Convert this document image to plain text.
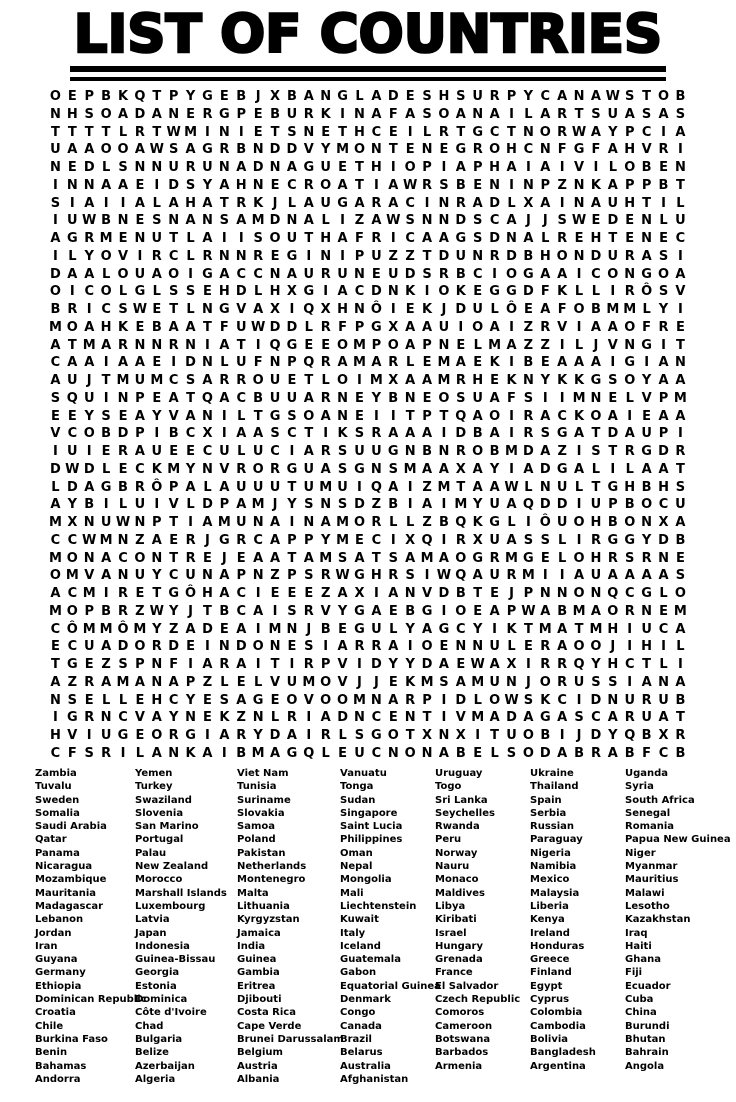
LIST OF COUNTRIES
O E P B K Q T P Y G E B J X B A N G L A D E S H S U R P Y C A N A W S T O B
N H S O A D A N E R G P E B U R K I N A F A S O A N A I L A R T S U A S A S
T T T T L R T W M I N I E T S N E T H C E I L R T G C T N O R W A Y P C I A
U A A O O A W S A G R B N D D V Y M O N T E N E G R O H C N F G F A H V R I
N E D L S N N U R U N A D N A G U E T H I O P I A P H A I A I V I L O B E N
I N N A A E I D S Y A H N E C R O A T I A W R S B E N I N P Z N K A P P B T
S I A I I A L A H A T R K J L A U G A R A C I N R A D L X A I N A U H T I L
I U W B N E S N A N S A M D N A L I Z A W S N N D S C A J J S W E D E N L U
A G R M E N U T L A I I S O U T H A F R I C A A G S D N A L R E H T E N E C
I L Y O V I R C L R N N R E G I N I P U Z Z T D U N R D B H O N D U R A S I
D A A L O U A O I G A C C N A U R U N E U D S R B C I O G A A I C O N G O A
O I C O L G L S S E H D L H X G I A C D N K I O K E G G D F K L L I R Ô S V
B R I C S W E T L N G V A X I Q X H N Ô I E K J D U L Ô E A F O B M M L Y I
M O A H K E B A A T F U W D D L R F P G X A A U I O A I Z R V I A A O F R E
A T M A R N N R N I A T I Q G E E O M P O A P N E L M A Z Z I L J V N G I T
C A A I A A E I D N L U F N P Q R A M A R L E M A E K I B E A A A I G I A N
A U J T M U M C S A R R O U E T L O I M X A A M R H E K N Y K K G S O Y A A
S Q U I N P E A T Q A C B U U A R N E Y B N E O S U A F S I I M N E L V P M
E E Y S E A Y V A N I L T G S O A N E I I T P T Q A O I R A C K O A I E A A
V C O B D P I B C X I A A S C T I K S R A A A I D B A I R S G A T D A U P I
I U I E R A U E E C U L U C I A R S U U G N B N R O B M D A Z I S T R G D R
D W D L E C K M Y N V R O R G U A S G N S M A A X A Y I A D G A L I L A A T
L D A G B R Ô P A L A U U U T U M U I Q A I Z M T A A W L N U L T G H B H S
A Y B I L U I V L D P A M J Y S N S D Z B I A I M Y U A Q D D I U P B O C U
M X N U W N P T I A M U N A I N A M O R L L Z B Q K G L I Ô U O H B O N X A
C C W M N Z A E R J G R C A P P Y M E C I X Q I R X U A S S L I R G G Y D B
M O N A C O N T R E J E A A T A M S A T S A M A O G R M G E L O H R S R N E
O M V A N U Y C U N A P N Z P S R W G H R S I W Q A U R M I I A U A A A A S
A C M I R E T G Ô H A C I E E E Z A X I A N V D B T E J P N N O N Q C G L O
M O P B R Z W Y J T B C A I S R V Y G A E B G I O E A P W A B M A O R N E M
C Ô M M Ô M Y Z A D E A I M N J B E G U L Y A G C Y I K T M A T M H I U C A
E C U A D O R D E I N D O N E S I A R R A I O E N N U L E R A O O J I H I L
T G E Z S P N F I A R A I T I R P V I D Y Y D A E W A X I R R Q Y H C T L I
A Z R A M A N A P Z L E L V U M O V J J E K M S A M U N J O R U S S I A N A
N S E L L E H C Y E S A G E O V O O M N A R P I D L O W S K C I D N U R U B
I G R N C V A Y N E K Z N L R I A D N C E N T I V M A D A G A S C A R U A T
H V I U G E O R G I A R Y D A I R L S G O T X N X I T U O B I J D Y Q B X R
C F S R I L A N K A I B M A G Q L E U C N O N A B E L S O D A B R A B F C B
Zambia
Tuvalu
Sweden
Somalia
Saudi Arabia
Qatar
Panama
Nicaragua
Mozambique
Mauritania
Madagascar
Lebanon
Jordan
Iran
Guyana
Germany
Ethiopia
Dominican Republic
Croatia
Chile
Burkina Faso
Benin
Bahamas
Andorra
Yemen
Turkey
Swaziland
Slovenia
San Marino
Portugal
Palau
New Zealand
Morocco
Marshall Islands
Luxembourg
Latvia
Japan
Indonesia
Guinea-Bissau
Georgia
Estonia
Dominica
Côte d'Ivoire
Chad
Bulgaria
Belize
Azerbaijan
Algeria
Viet Nam
Tunisia
Suriname
Slovakia
Samoa
Poland
Pakistan
Netherlands
Montenegro
Malta
Lithuania
Kyrgyzstan
Jamaica
India
Guinea
Gambia
Eritrea
Djibouti
Costa Rica
Cape Verde
Brunei Darussalam
Belgium
Austria
Albania
Vanuatu
Tonga
Sudan
Singapore
Saint Lucia
Philippines
Oman
Nepal
Mongolia
Mali
Liechtenstein
Kuwait
Italy
Iceland
Guatemala
Gabon
Equatorial Guinea
Denmark
Congo
Canada
Brazil
Belarus
Australia
Afghanistan
Uruguay
Togo
Sri Lanka
Seychelles
Rwanda
Peru
Norway
Nauru
Monaco
Maldives
Libya
Kiribati
Israel
Hungary
Grenada
France
El Salvador
Czech Republic
Comoros
Cameroon
Botswana
Barbados
Armenia
Ukraine
Thailand
Spain
Serbia
Russian
Paraguay
Nigeria
Namibia
Mexico
Malaysia
Liberia
Kenya
Ireland
Honduras
Greece
Finland
Egypt
Cyprus
Colombia
Cambodia
Bolivia
Bangladesh
Argentina
Uganda
Syria
South Africa
Senegal
Romania
Papua New Guinea
Niger
Myanmar
Mauritius
Malawi
Lesotho
Kazakhstan
Iraq
Haiti
Ghana
Fiji
Ecuador
Cuba
China
Burundi
Bhutan
Bahrain
Angola
